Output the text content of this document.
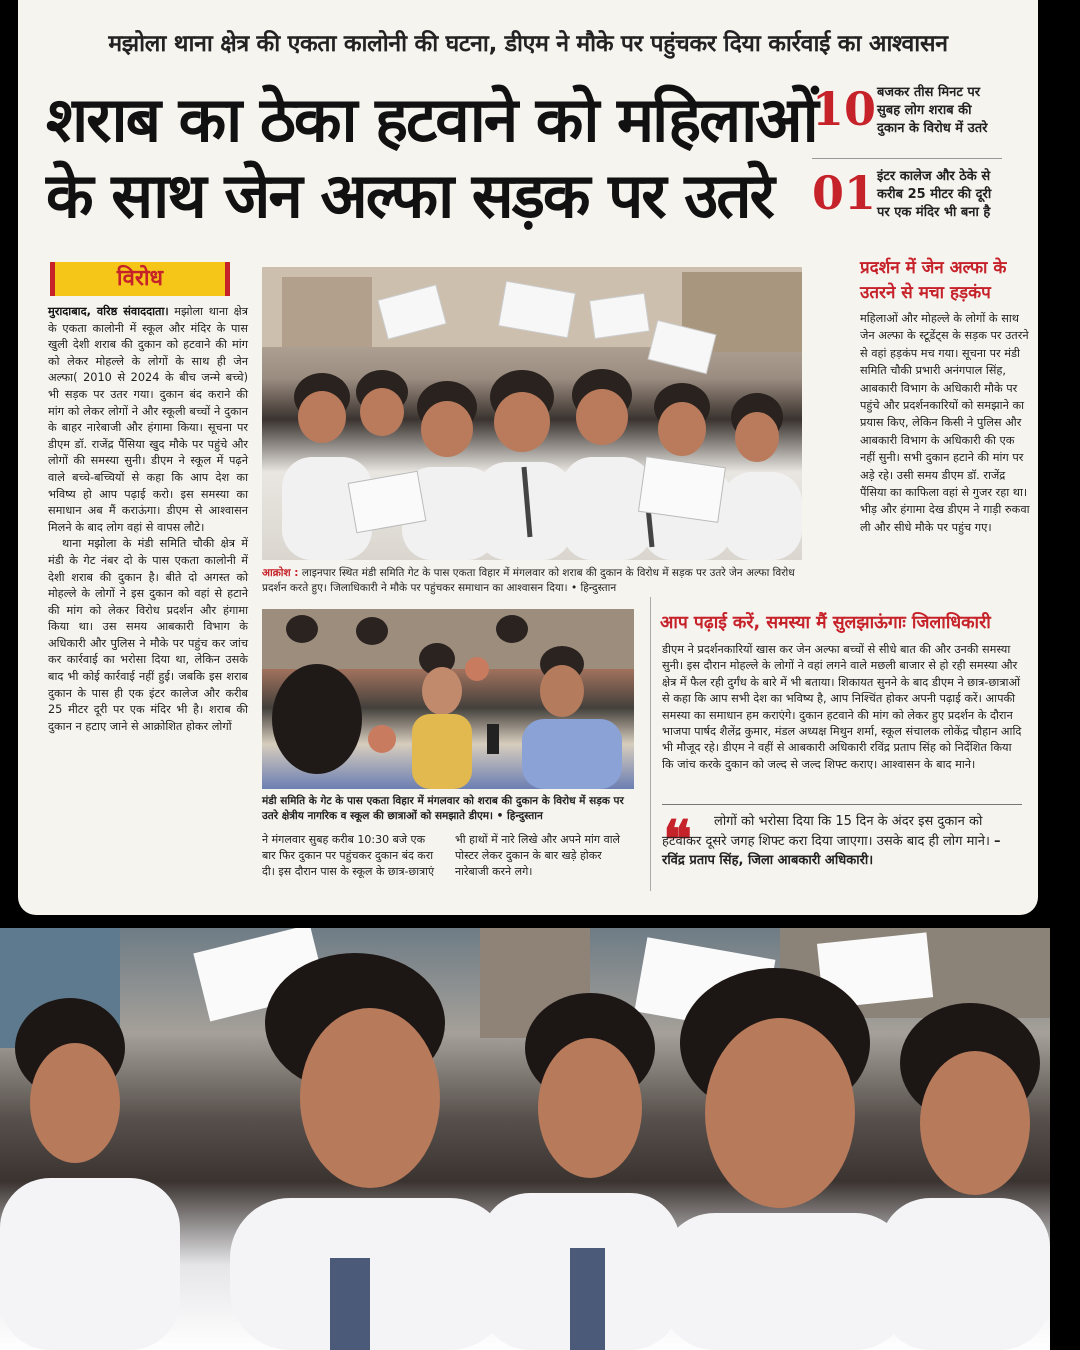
मझोला थाना क्षेत्र की एकता कालोनी की घटना, डीएम ने मौके पर पहुंचकर दिया कार्रवाई का आश्वासन
शराब का ठेका हटवाने को महिलाओं
के साथ जेन अल्फा सड़क पर उतरे
10 बजकर तीस मिनट पर सुबह लोग शराब की दुकान के विरोध में उतरे
01 इंटर कालेज और ठेके से करीब 25 मीटर की दूरी पर एक मंदिर भी बना है
विरोध
मुरादाबाद, वरिष्ठ संवाददाता। मझोला थाना क्षेत्र के एकता कालोनी में स्कूल और मंदिर के पास खुली देशी शराब की दुकान को हटवाने की मांग को लेकर मोहल्ले के लोगों के साथ ही जेन अल्फा( 2010 से 2024 के बीच जन्मे बच्चे) भी सड़क पर उतर गया। दुकान बंद कराने की मांग को लेकर लोगों ने और स्कूली बच्चों ने दुकान के बाहर नारेबाजी और हंगामा किया। सूचना पर डीएम डॉ. राजेंद्र पैंसिया खुद मौके पर पहुंचे और लोगों की समस्या सुनी। डीएम ने स्कूल में पढ़ने वाले बच्चे-बच्चियों से कहा कि आप देश का भविष्य हो आप पढ़ाई करो। इस समस्या का समाधान अब मैं कराऊंगा। डीएम से आश्वासन मिलने के बाद लोग वहां से वापस लौटे।
थाना मझोला के मंडी समिति चौकी क्षेत्र में मंडी के गेट नंबर दो के पास एकता कालोनी में देशी शराब की दुकान है। बीते दो अगस्त को मोहल्ले के लोगों ने इस दुकान को वहां से हटाने की मांग को लेकर विरोध प्रदर्शन और हंगामा किया था। उस समय आबकारी विभाग के अधिकारी और पुलिस ने मौके पर पहुंच कर जांच कर कार्रवाई का भरोसा दिया था, लेकिन उसके बाद भी कोई कार्रवाई नहीं हुई। जबकि इस शराब दुकान के पास ही एक इंटर कालेज और करीब 25 मीटर दूरी पर एक मंदिर भी है। शराब की दुकान न हटाए जाने से आक्रोशित होकर लोगों
आक्रोश : लाइनपार स्थित मंडी समिति गेट के पास एकता विहार में मंगलवार को शराब की दुकान के विरोध में सड़क पर उतरे जेन अल्फा विरोध प्रदर्शन करते हुए। जिलाधिकारी ने मौके पर पहुंचकर समाधान का आश्वासन दिया। • हिन्दुस्तान
मंडी समिति के गेट के पास एकता विहार में मंगलवार को शराब की दुकान के विरोध में सड़क पर उतरे क्षेत्रीय नागरिक व स्कूल की छात्राओं को समझाते डीएम। • हिन्दुस्तान
ने मंगलवार सुबह करीब 10:30 बजे एक बार फिर दुकान पर पहुंचकर दुकान बंद करा दी। इस दौरान पास के स्कूल के छात्र-छात्राएं भी हाथों में नारे लिखे और अपने मांग वाले पोस्टर लेकर दुकान के बार खड़े होकर नारेबाजी करने लगे।
प्रदर्शन में जेन अल्फा के उतरने से मचा हड़कंप
महिलाओं और मोहल्ले के लोगों के साथ जेन अल्फा के स्टूडेंट्स के सड़क पर उतरने से वहां हड़कंप मच गया। सूचना पर मंडी समिति चौकी प्रभारी अनंगपाल सिंह, आबकारी विभाग के अधिकारी मौके पर पहुंचे और प्रदर्शनकारियों को समझाने का प्रयास किए, लेकिन किसी ने पुलिस और आबकारी विभाग के अधिकारी की एक नहीं सुनी। सभी दुकान हटाने की मांग पर अड़े रहे। उसी समय डीएम डॉ. राजेंद्र पैंसिया का काफिला वहां से गुजर रहा था। भीड़ और हंगामा देख डीएम ने गाड़ी रुकवा ली और सीधे मौके पर पहुंच गए।
आप पढ़ाई करें, समस्या मैं सुलझाऊंगाः जिलाधिकारी
डीएम ने प्रदर्शनकारियों खास कर जेन अल्फा बच्चों से सीधे बात की और उनकी समस्या सुनी। इस दौरान मोहल्ले के लोगों ने वहां लगने वाले मछली बाजार से हो रही समस्या और क्षेत्र में फैल रही दुर्गंध के बारे में भी बताया। शिकायत सुनने के बाद डीएम ने छात्र-छात्राओं से कहा कि आप सभी देश का भविष्य है, आप निश्चिंत होकर अपनी पढ़ाई करें। आपकी समस्या का समाधान हम कराएंगे। दुकान हटवाने की मांग को लेकर हुए प्रदर्शन के दौरान भाजपा पार्षद शैलेंद्र कुमार, मंडल अध्यक्ष मिथुन शर्मा, स्कूल संचालक लोकेंद्र चौहान आदि भी मौजूद रहे। डीएम ने वहीं से आबकारी अधिकारी रविंद्र प्रताप सिंह को निर्देशित किया कि जांच करके दुकान को जल्द से जल्द शिफ्ट कराए। आश्वासन के बाद माने।
❝	लोगों को भरोसा दिया कि 15 दिन के अंदर इस दुकान को हटवाकर दूसरे जगह शिफ्ट करा दिया जाएगा। उसके बाद ही लोग माने। –रविंद्र प्रताप सिंह, जिला आबकारी अधिकारी।
